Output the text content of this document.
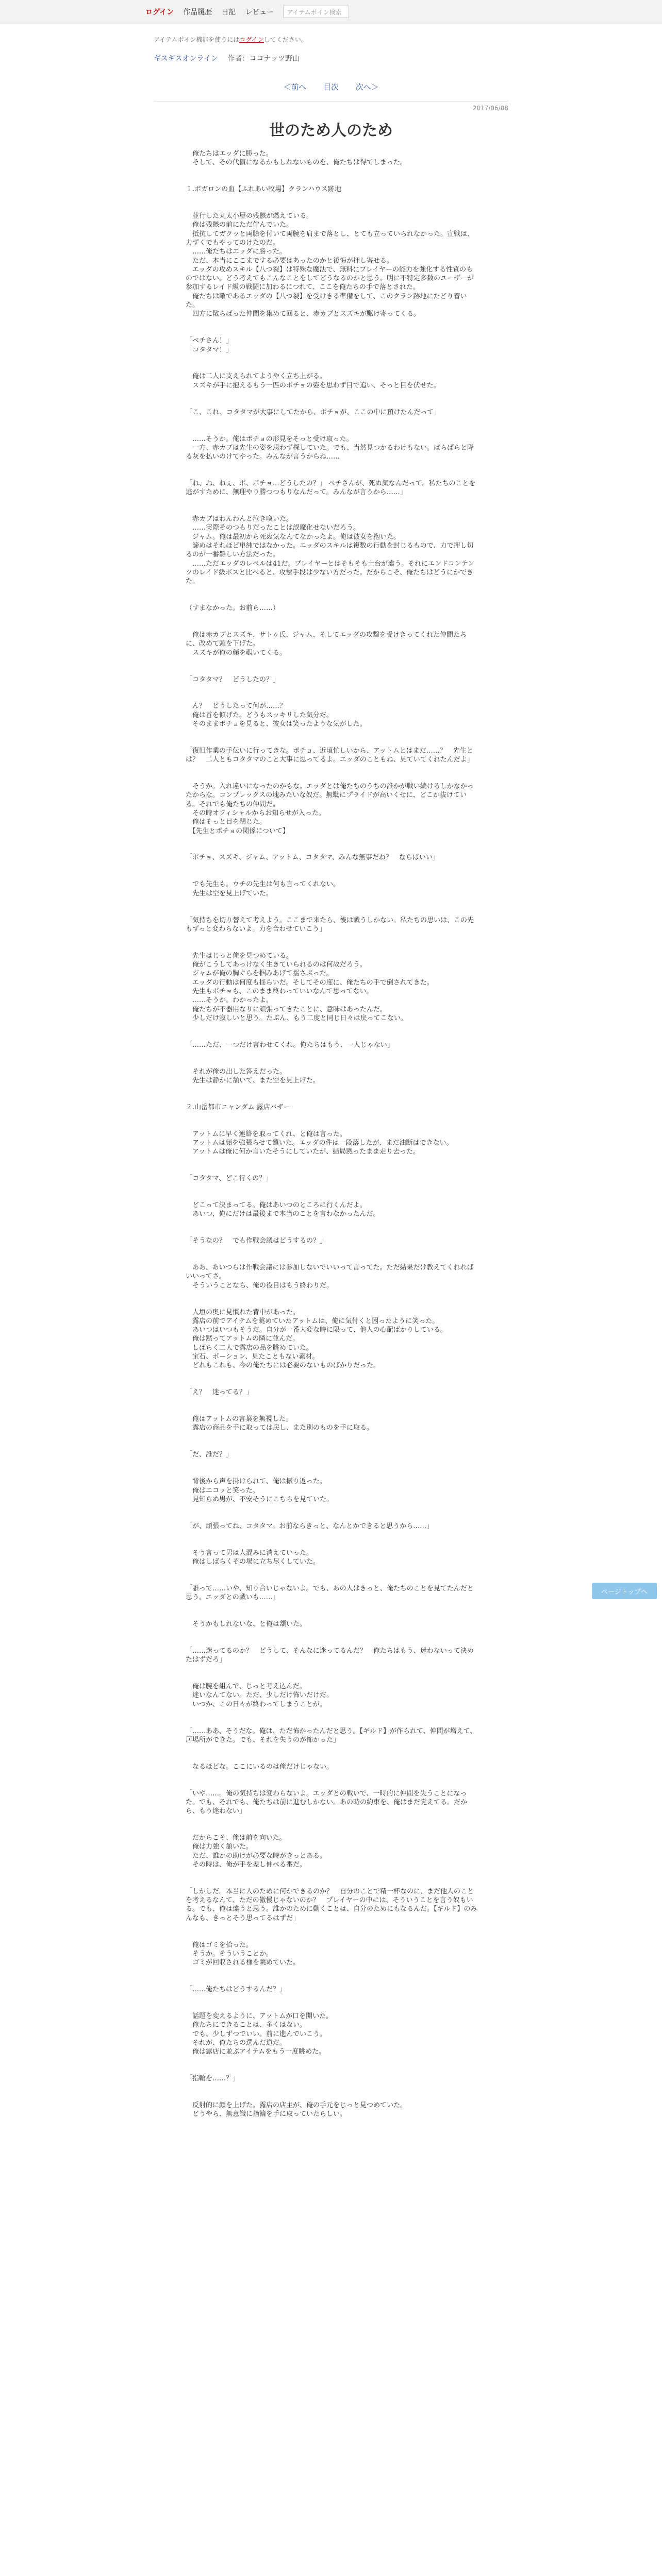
ログイン 作品履歴 日記 レビュー	アイテムポイン検索
アイテムポイン機能を使うにはログインしてください。
ギスギスオンライン 作者：ココナッツ野山
＜前へ 目次 次へ＞
2017/06/08
世のため人のため
　俺たちはエッダに勝った。
　そして、その代償になるかもしれないものを、俺たちは得てしまった。

１.ボガロンの血【ふれあい牧場】クランハウス跡地

　並行した丸太小屋の残骸が燃えている。
　俺は残骸の前にただ佇んでいた。
　抵抗してガクッと両膝を付いて両腕を肩まで落とし、とても立っていられなかった。宣戦は、力ずくでもやってのけたのだ。
　……俺たちはエッダに勝った。
　ただ、本当にここまでする必要はあったのかと後悔が押し寄せる。
　エッダの攻めスキル【八つ裂】は特殊な魔法で、無料にプレイヤーの能力を強化する性質のものではない。どう考えてもこんなことをしてどうなるのかと思う。明に不特定多数のユーザーが参加するレイド級の戦闘に加わるにつれて、ここを俺たちの手で落とされた。
　俺たちは敵であるエッダの【八つ裂】を受けきる準備をして、このクラン跡地にたどり着いた。
　四方に散らばった仲間を集めて回ると、赤カブとスズキが駆け寄ってくる。

「ベチさん！」
「コタタマ！」

　俺は二人に支えられてようやく立ち上がる。
　スズキが手に抱えるもう一匹のポチョの姿を思わず目で追い、そっと目を伏せた。

「こ、これ、コタタマが大事にしてたから、ポチョが、ここの中に預けたんだって」

　……そうか。俺はポチョの形見をそっと受け取った。
　一方、赤カブは先生の姿を思わず探していた。でも、当然見つかるわけもない。ぱらぱらと降る灰を払いのけてやった。みんなが言うからね……

「ね、ね、ねぇ、ポ、ポチョ…どうしたの？」 ペチさんが、死ぬ気なんだって。私たちのことを逃がすために、無理やり勝つつもりなんだって。みんなが言うから……」

　赤カブはわんわんと泣き喚いた。
　……実際そのつもりだったことは誤魔化せないだろう。
　ジャム。俺は最初から死ぬ気なんてなかったよ。俺は彼女を抱いた。
　諦めはそれほど単純ではなかった。エッダのスキルは複数の行動を封じるもので、力で押し切るのが一番難しい方法だった。
　……ただエッダのレベルは41だ。プレイヤーとはそもそも土台が違う。それにエンドコンテンツのレイド級ボスと比べると、攻撃手段は少ない方だった。だからこそ、俺たちはどうにかできた。

（すまなかった。お前ら……）

　俺は赤カブとスズキ、サトゥ氏、ジャム、そしてエッダの攻撃を受けきってくれた仲間たちに、改めて頭を下げた。
　スズキが俺の顔を覗いてくる。

「コタタマ？　どうしたの？」

　ん？　どうしたって何が……？
　俺は首を傾げた。どうもスッキリした気分だ。
　そのままポチョを見ると、彼女は笑ったような気がした。

「復旧作業の手伝いに行ってきな。ポチョ、近頃忙しいから、アットムとはまだ……？　先生とは？　二人ともコタタマのこと大事に思ってるよ。エッダのこともね、見ていてくれたんだよ」

　そうか。入れ違いになったのかもな。エッダとは俺たちのうちの誰かが戦い続けるしかなかったからな。コンプレックスの塊みたいな奴だ。無駄にプライドが高いくせに、どこか抜けている。それでも俺たちの仲間だ。
　その時オフィシャルからお知らせが入った。
　俺はそっと目を閉じた。
　【先生とポチョの関係について】

「ポチョ、スズキ、ジャム、アットム、コタタマ、みんな無事だね？　ならばいい」

　でも先生も。ウチの先生は何も言ってくれない。
　先生は空を見上げていた。

「気持ちを切り替えて考えよう。ここまで来たら、後は戦うしかない。私たちの思いは、この先もずっと変わらないよ。力を合わせていこう」

　先生はじっと俺を見つめている。
　俺がこうしてあっけなく生きていられるのは何故だろう。
　ジャムが俺の胸ぐらを掴みあげて揺さぶった。
　エッダの行動は何度も揺らいだ。そしてその度に、俺たちの手で倒されてきた。
　先生もポチョも、このまま終わっていいなんて思ってない。
　……そうか。わかったよ。
　俺たちが不器用なりに頑張ってきたことに、意味はあったんだ。
　少しだけ寂しいと思う。たぶん、もう二度と同じ日々は戻ってこない。

「……ただ、一つだけ言わせてくれ。俺たちはもう、一人じゃない」

　それが俺の出した答えだった。
　先生は静かに頷いて、また空を見上げた。

２.山岳都市ニャンダム 露店バザー

　アットムに早く連絡を取ってくれ、と俺は言った。
　アットムは顔を強張らせて頷いた。エッダの件は一段落したが、まだ油断はできない。
　アットムは俺に何か言いたそうにしていたが、結局黙ったまま走り去った。

「コタタマ、どこ行くの？」

　どこって決まってる。俺はあいつのところに行くんだよ。
　あいつ、俺にだけは最後まで本当のことを言わなかったんだ。

「そうなの？　でも作戦会議はどうするの？」

　ああ、あいつらは作戦会議には参加しないでいいって言ってた。ただ結果だけ教えてくれればいいってさ。
　そういうことなら、俺の役目はもう終わりだ。

　人垣の奥に見慣れた背中があった。
　露店の前でアイテムを眺めていたアットムは、俺に気付くと困ったように笑った。
　あいつはいつもそうだ。自分が一番大変な時に限って、他人の心配ばかりしている。
　俺は黙ってアットムの隣に並んだ。
　しばらく二人で露店の品を眺めていた。
　宝石、ポーション、見たこともない素材。
　どれもこれも、今の俺たちには必要のないものばかりだった。

「え？　迷ってる？」

　俺はアットムの言葉を無視した。
　露店の商品を手に取っては戻し、また別のものを手に取る。

「だ、誰だ？」

　背後から声を掛けられて、俺は振り返った。
　俺はニコッと笑った。
　見知らぬ男が、不安そうにこちらを見ていた。

「が、頑張ってね、コタタマ。お前ならきっと、なんとかできると思うから……」

　そう言って男は人混みに消えていった。
　俺はしばらくその場に立ち尽くしていた。

「誰って……いや、知り合いじゃないよ。でも、あの人はきっと、俺たちのことを見てたんだと思う。エッダとの戦いも……」

　そうかもしれないな、と俺は頷いた。

「……迷ってるのか？　どうして、そんなに迷ってるんだ？　俺たちはもう、迷わないって決めたはずだろ」

　俺は腕を組んで、じっと考え込んだ。
　迷いなんてない。ただ、少しだけ怖いだけだ。
　いつか、この日々が終わってしまうことが。

「……ああ、そうだな。俺は、ただ怖かったんだと思う。【ギルド】が作られて、仲間が増えて、居場所ができた。でも、それを失うのが怖かった」

　なるほどな。ここにいるのは俺だけじゃない。

「いや……。俺の気持ちは変わらないよ。エッダとの戦いで、一時的に仲間を失うことになった。でも、それでも、俺たちは前に進むしかない。あの時の約束を、俺はまだ覚えてる。だから、もう迷わない」

　だからこそ、俺は前を向いた。
　俺は力強く頷いた。
　ただ、誰かの助けが必要な時がきっとある。
　その時は、俺が手を差し伸べる番だ。

「しかしだ。本当に人のために何かできるのか？　自分のことで精一杯なのに、まだ他人のことを考えるなんて、ただの傲慢じゃないのか？　プレイヤーの中には、そういうことを言う奴もいる。でも、俺は違うと思う。誰かのために動くことは、自分のためにもなるんだ。【ギルド】のみんなも、きっとそう思ってるはずだ」

　俺はゴミを拾った。
　そうか。そういうことか。
　ゴミが回収される様を眺めていた。

「……俺たちはどうするんだ？」

　話題を変えるように、アットムが口を開いた。
　俺たちにできることは、多くはない。
　でも、少しずつでいい。前に進んでいこう。
　それが、俺たちの選んだ道だ。
　俺は露店に並ぶアイテムをもう一度眺めた。

「指輪を……？」

　反射的に顔を上げた。露店の店主が、俺の手元をじっと見つめていた。
　どうやら、無意識に指輪を手に取っていたらしい。
ページトップへ
